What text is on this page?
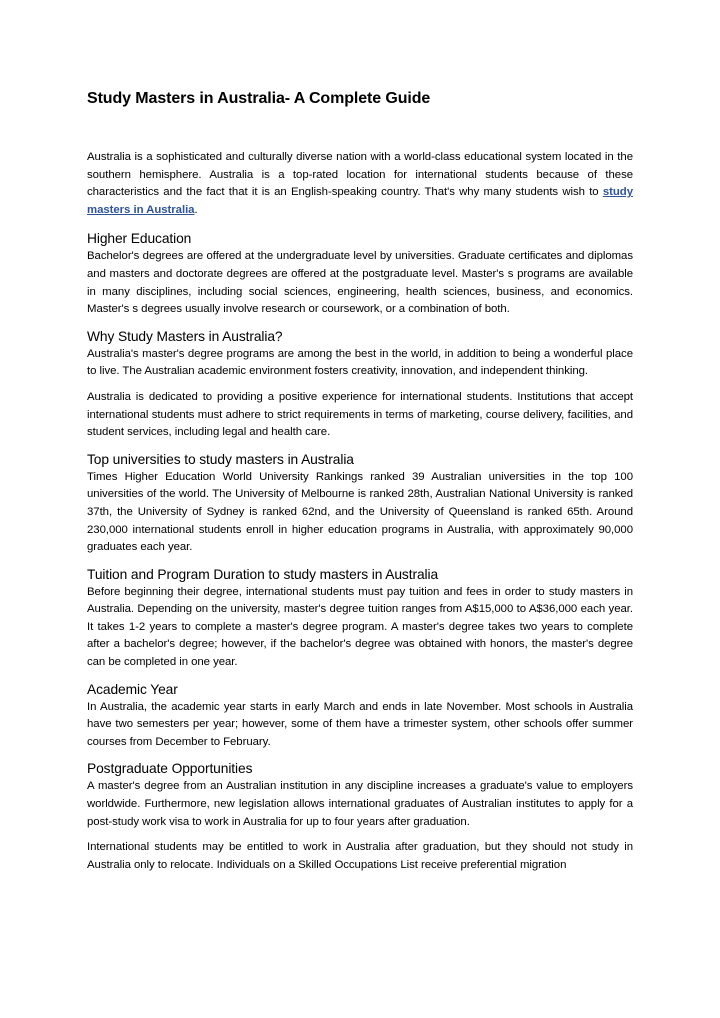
Study Masters in Australia- A Complete Guide

Australia is a sophisticated and culturally diverse nation with a world-class educational system located in the southern hemisphere. Australia is a top-rated location for international students because of these characteristics and the fact that it is an English-speaking country. That's why many students wish to study masters in Australia.

Higher Education

Bachelor's degrees are offered at the undergraduate level by universities. Graduate certificates and diplomas and masters and doctorate degrees are offered at the postgraduate level. Master's s programs are available in many disciplines, including social sciences, engineering, health sciences, business, and economics. Master's s degrees usually involve research or coursework, or a combination of both.

Why Study Masters in Australia?

Australia's master's degree programs are among the best in the world, in addition to being a wonderful place to live. The Australian academic environment fosters creativity, innovation, and independent thinking.

Australia is dedicated to providing a positive experience for international students. Institutions that accept international students must adhere to strict requirements in terms of marketing, course delivery, facilities, and student services, including legal and health care.

Top universities to study masters in Australia

Times Higher Education World University Rankings ranked 39 Australian universities in the top 100 universities of the world. The University of Melbourne is ranked 28th, Australian National University is ranked 37th, the University of Sydney is ranked 62nd, and the University of Queensland is ranked 65th. Around 230,000 international students enroll in higher education programs in Australia, with approximately 90,000 graduates each year.

Tuition and Program Duration to study masters in Australia

Before beginning their degree, international students must pay tuition and fees in order to study masters in Australia. Depending on the university, master's degree tuition ranges from A$15,000 to A$36,000 each year. It takes 1-2 years to complete a master's degree program. A master's degree takes two years to complete after a bachelor's degree; however, if the bachelor's degree was obtained with honors, the master's degree can be completed in one year.

Academic Year

In Australia, the academic year starts in early March and ends in late November. Most schools in Australia have two semesters per year; however, some of them have a trimester system, other schools offer summer courses from December to February.

Postgraduate Opportunities

A master's degree from an Australian institution in any discipline increases a graduate's value to employers worldwide. Furthermore, new legislation allows international graduates of Australian institutes to apply for a post-study work visa to work in Australia for up to four years after graduation.

International students may be entitled to work in Australia after graduation, but they should not study in Australia only to relocate. Individuals on a Skilled Occupations List receive preferential migration
